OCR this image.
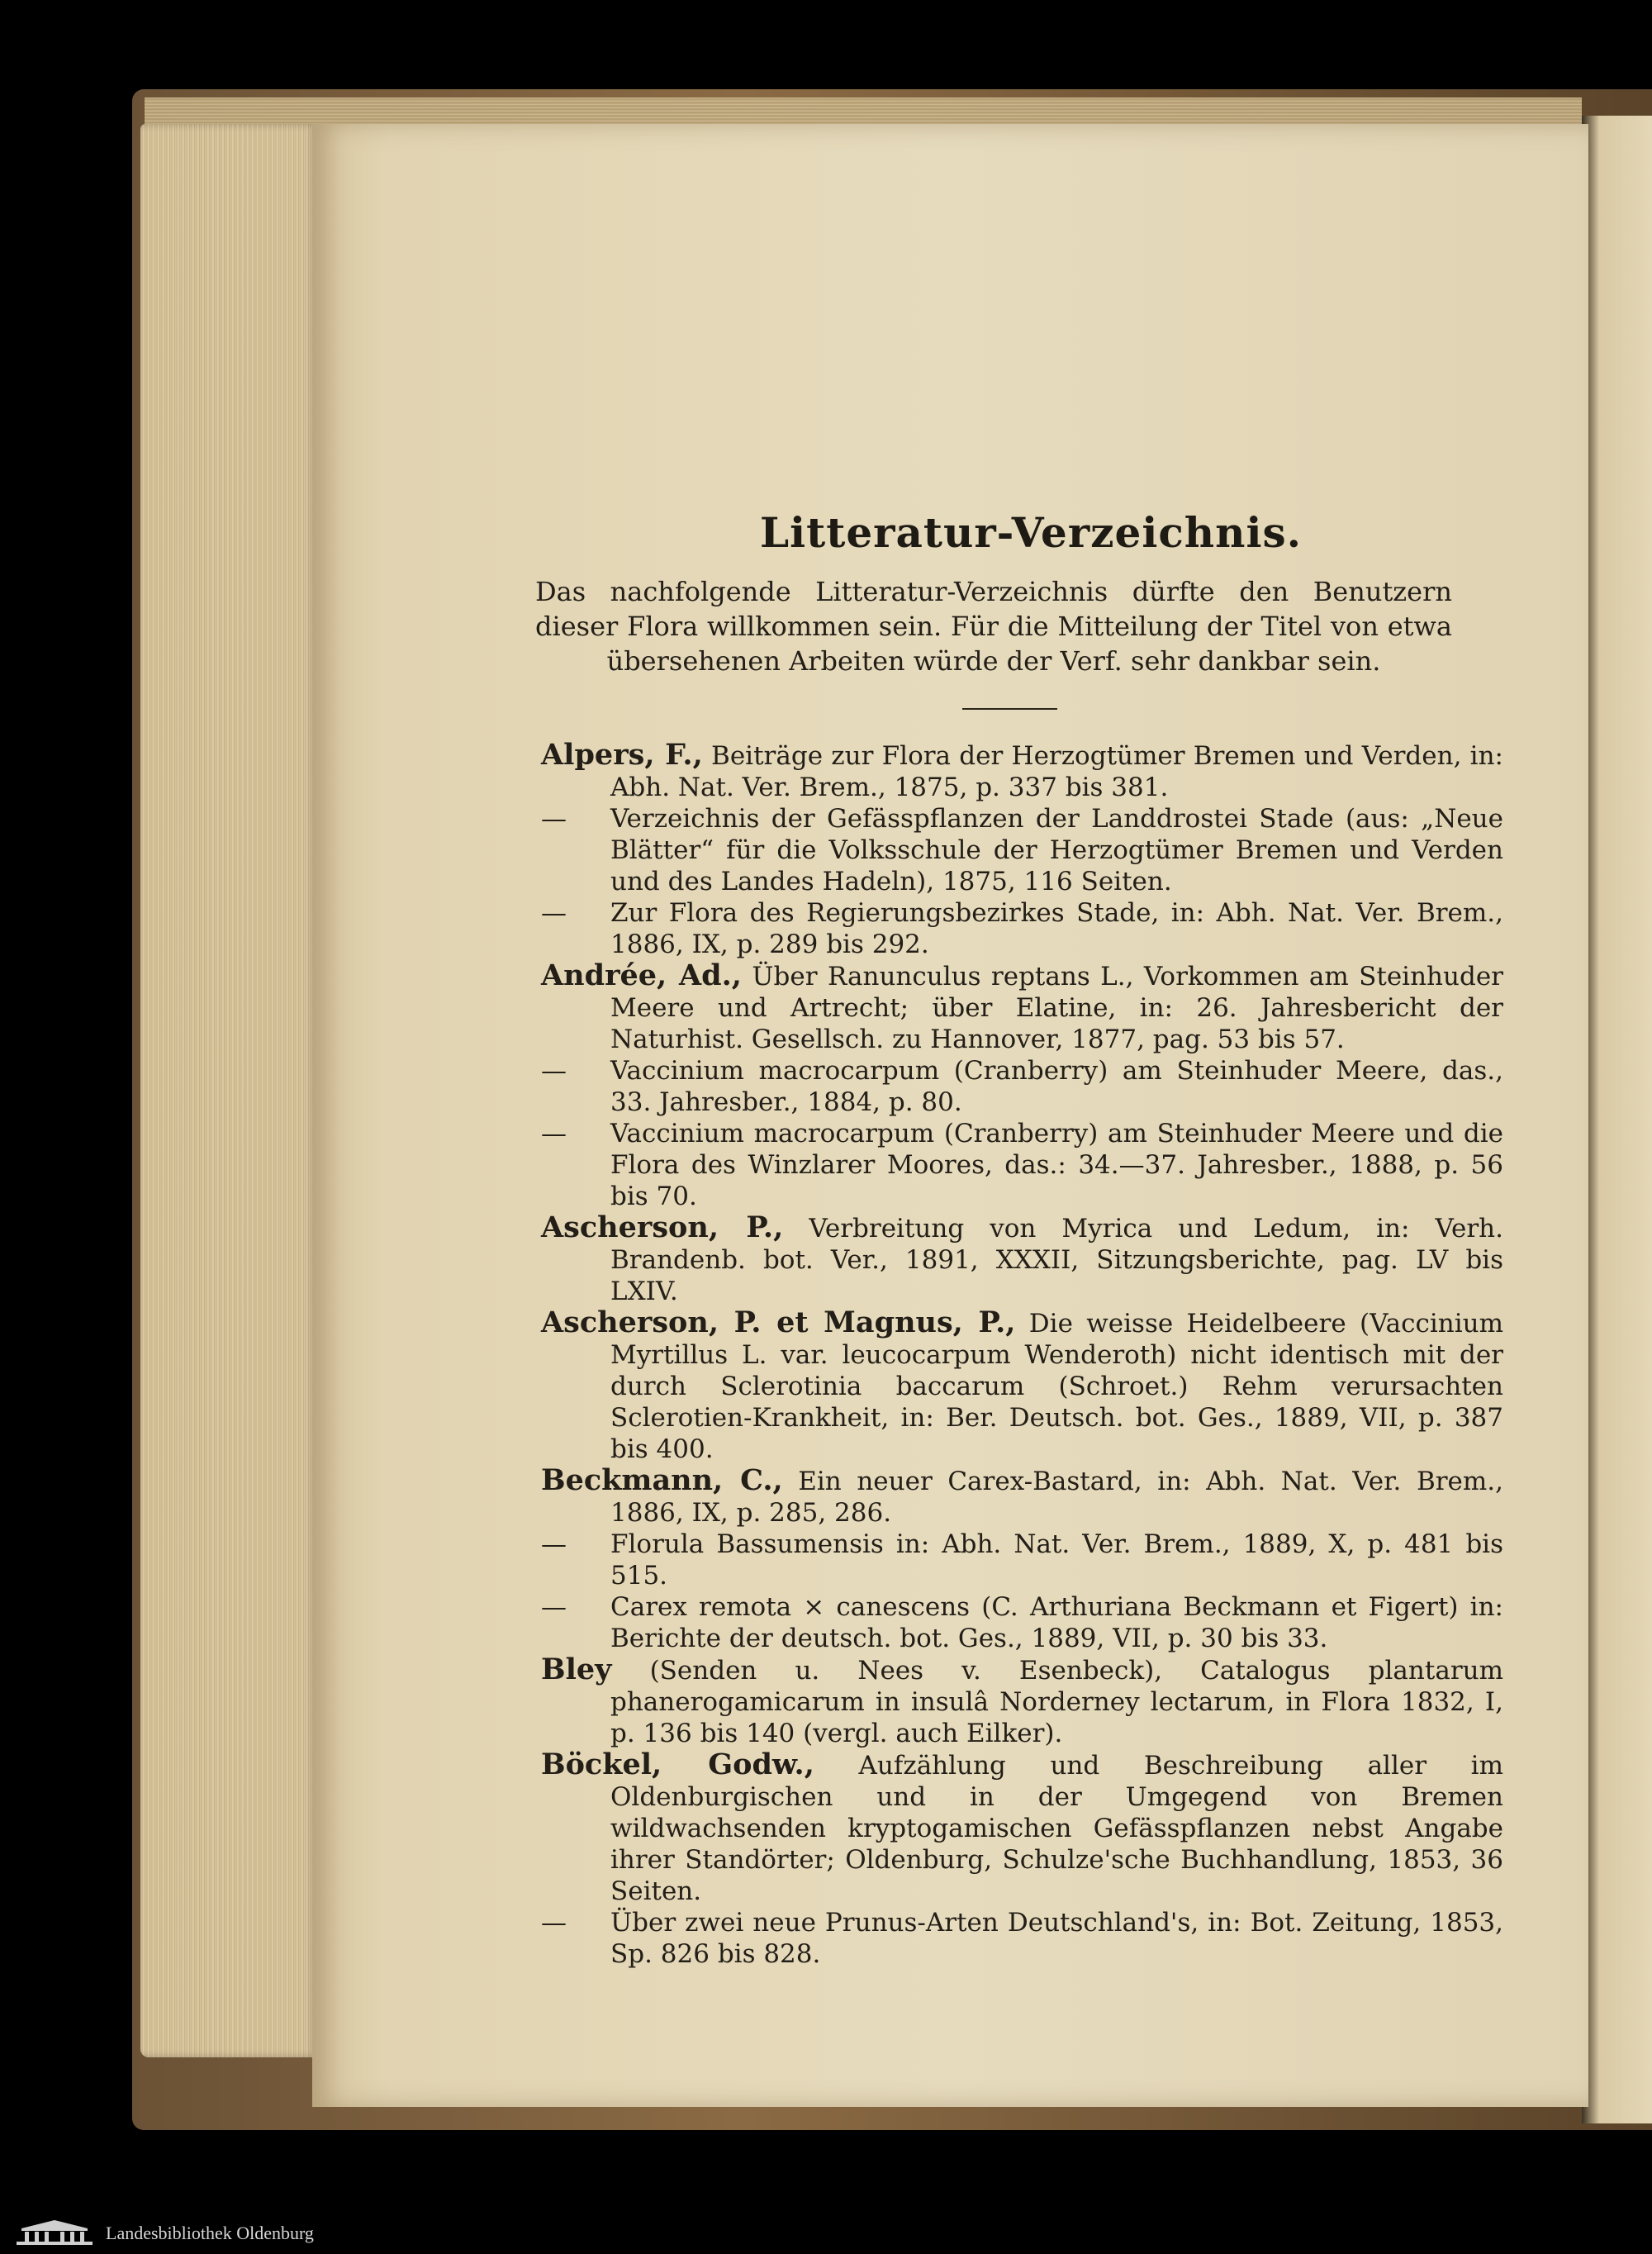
Litteratur-Verzeichnis.
Das nachfolgende Litteratur-Verzeichnis dürfte den Benutzern dieser Flora willkommen sein. Für die Mitteilung der Titel von etwa übersehenen Arbeiten würde der Verf. sehr dankbar sein.
Alpers, F., Beiträge zur Flora der Herzogtümer Bremen und Verden, in: Abh. Nat. Ver. Brem., 1875, p. 337 bis 381.
— Verzeichnis der Gefässpflanzen der Landdrostei Stade (aus: „Neue Blätter“ für die Volksschule der Herzogtümer Bremen und Verden und des Landes Hadeln), 1875, 116 Seiten.
— Zur Flora des Regierungsbezirkes Stade, in: Abh. Nat. Ver. Brem., 1886, IX, p. 289 bis 292.
Andrée, Ad., Über Ranunculus reptans L., Vorkommen am Steinhuder Meere und Artrecht; über Elatine, in: 26. Jahresbericht der Naturhist. Gesellsch. zu Hannover, 1877, pag. 53 bis 57.
— Vaccinium macrocarpum (Cranberry) am Steinhuder Meere, das., 33. Jahresber., 1884, p. 80.
— Vaccinium macrocarpum (Cranberry) am Steinhuder Meere und die Flora des Winzlarer Moores, das.: 34.—37. Jahresber., 1888, p. 56 bis 70.
Ascherson, P., Verbreitung von Myrica und Ledum, in: Verh. Brandenb. bot. Ver., 1891, XXXII, Sitzungsberichte, pag. LV bis LXIV.
Ascherson, P. et Magnus, P., Die weisse Heidelbeere (Vaccinium Myrtillus L. var. leucocarpum Wenderoth) nicht identisch mit der durch Sclerotinia baccarum (Schroet.) Rehm verursachten Sclerotien-Krankheit, in: Ber. Deutsch. bot. Ges., 1889, VII, p. 387 bis 400.
Beckmann, C., Ein neuer Carex-Bastard, in: Abh. Nat. Ver. Brem., 1886, IX, p. 285, 286.
— Florula Bassumensis in: Abh. Nat. Ver. Brem., 1889, X, p. 481 bis 515.
— Carex remota × canescens (C. Arthuriana Beckmann et Figert) in: Berichte der deutsch. bot. Ges., 1889, VII, p. 30 bis 33.
Bley (Senden u. Nees v. Esenbeck), Catalogus plantarum phanerogamicarum in insulâ Norderney lectarum, in Flora 1832, I, p. 136 bis 140 (vergl. auch Eilker).
Böckel, Godw., Aufzählung und Beschreibung aller im Oldenburgischen und in der Umgegend von Bremen wildwachsenden kryptogamischen Gefässpflanzen nebst Angabe ihrer Standörter; Oldenburg, Schulze'sche Buchhandlung, 1853, 36 Seiten.
— Über zwei neue Prunus-Arten Deutschland's, in: Bot. Zeitung, 1853, Sp. 826 bis 828.
Landesbibliothek Oldenburg
